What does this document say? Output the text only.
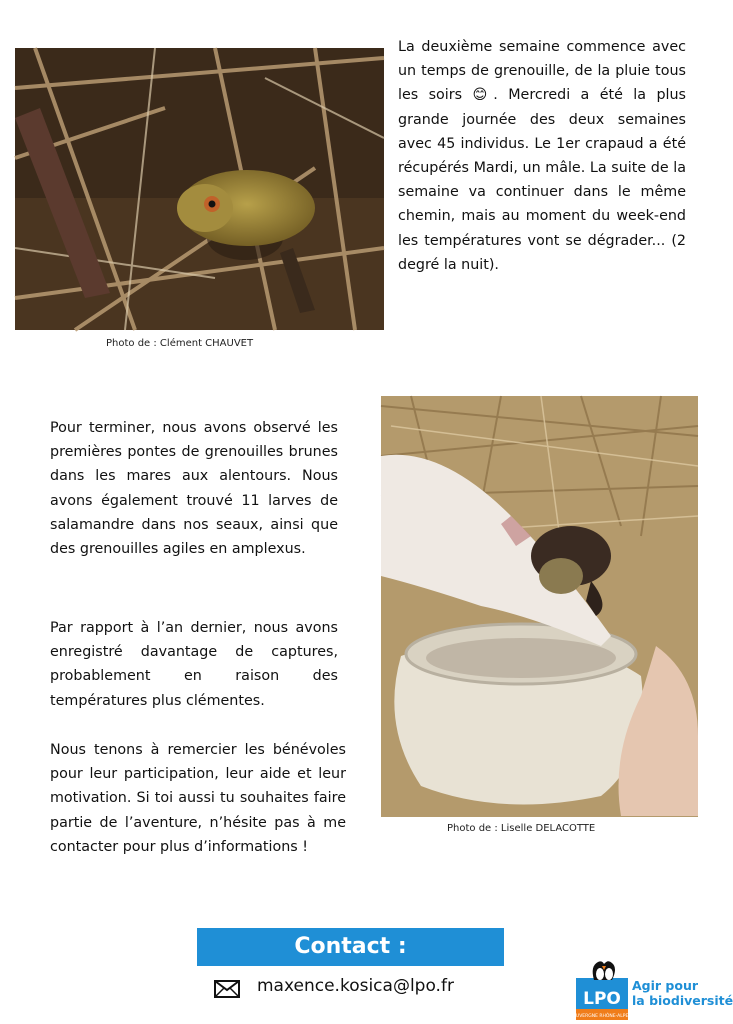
Photo de : Clément CHAUVET

La deuxième semaine commence avec un temps de grenouille, de la pluie tous les soirs 😊. Mercredi a été la plus grande journée des deux semaines avec 45 individus. Le 1er crapaud a été récupérés Mardi, un mâle. La suite de la semaine va continuer dans le même chemin, mais au moment du week-end les températures vont se dégrader... (2 degré la nuit).

Pour terminer, nous avons observé les premières pontes de grenouilles brunes dans les mares aux alentours. Nous avons également trouvé 11 larves de salamandre dans nos seaux, ainsi que des grenouilles agiles en amplexus.

Par rapport à l’an dernier, nous avons enregistré davantage de captures, probablement en raison des températures plus clémentes.

Nous tenons à remercier les bénévoles pour leur participation, leur aide et leur motivation. Si toi aussi tu souhaites faire partie de l’aventure, n’hésite pas à me contacter pour plus d’informations !

Photo de : Liselle DELACOTTE
Contact :
maxence.kosica@lpo.fr
LPO
AUVERGNE RHÔNE-ALPES
Agir pour
la biodiversité
